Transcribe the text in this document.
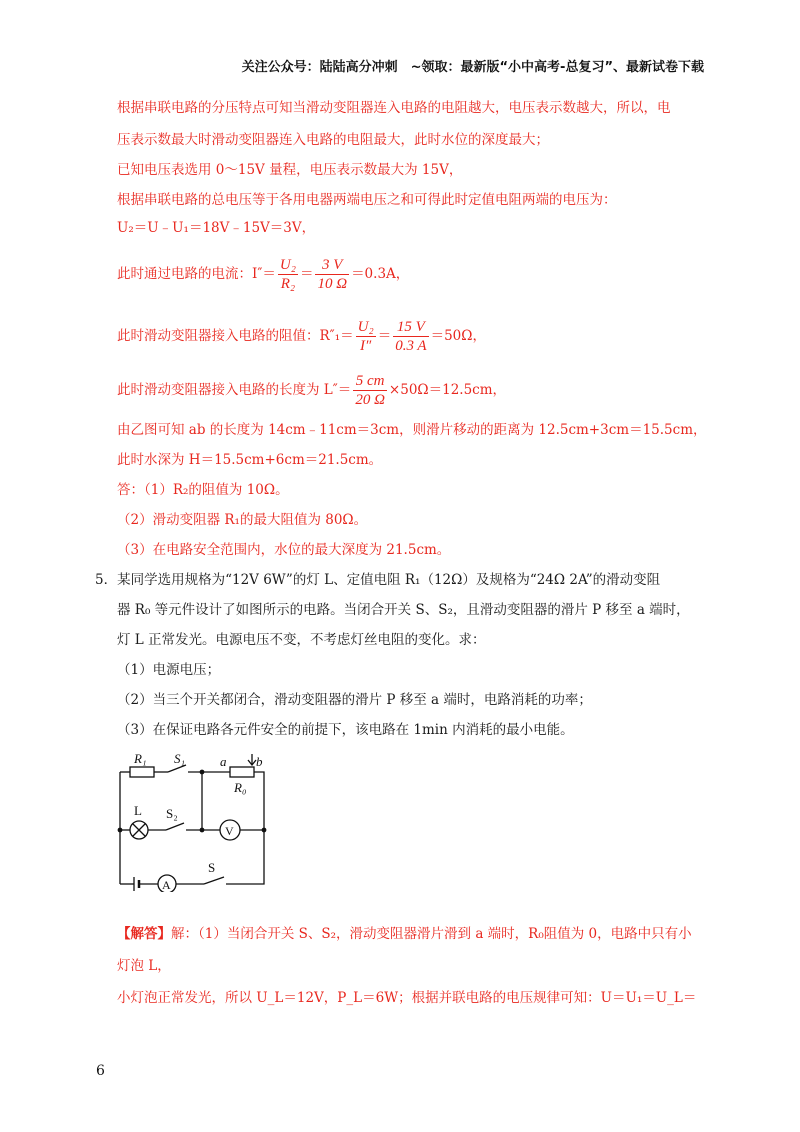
关注公众号：陆陆高分冲刺　~领取：最新版“小中高考-总复习”、最新试卷下载
根据串联电路的分压特点可知当滑动变阻器连入电路的电阻越大，电压表示数越大，所以，电
压表示数最大时滑动变阻器连入电路的电阻最大，此时水位的深度最大；
已知电压表选用 0～15V 量程，电压表示数最大为 15V，
根据串联电路的总电压等于各用电器两端电压之和可得此时定值电阻两端的电压为：
U₂＝U﹣U₁＝18V﹣15V＝3V，
此时通过电路的电流：$I''= \frac{\text{U₂}}{\text{R₂}} = \frac{3 V}{10 \Omega} =0.3A$，
此时滑动变阻器接入电路的阻值：$R''_1= \frac{\text{U₂}}{I''} = \frac{15 V}{0.3 A} =50\Omega$，
此时滑动变阻器接入电路的长度为 $L''= \frac{5 cm}{20 \Omega} \times 50\Omega=12.5cm$，
由乙图可知 ab 的长度为 14cm﹣11cm＝3cm，则滑片移动的距离为 12.5cm+3cm＝15.5cm，
此时水深为 H＝15.5cm+6cm＝21.5cm。
答：（1）R₂的阻值为 10Ω。
（2）滑动变阻器 R₁的最大阻值为 80Ω。
（3）在电路安全范围内，水位的最大深度为 21.5cm。
5．某同学选用规格为“12V 6W”的灯 L、定值电阻 R₁（12Ω）及规格为“24Ω 2A”的滑动变阻
器 R₀ 等元件设计了如图所示的电路。当闭合开关 S、S₂，且滑动变阻器的滑片 P 移至 a 端时，
灯 L 正常发光。电源电压不变，不考虑灯丝电阻的变化。求：
（1）电源电压；
（2）当三个开关都闭合，滑动变阻器的滑片 P 移至 a 端时，电路消耗的功率；
（3）在保证电路各元件安全的前提下，该电路在 1min 内消耗的最小电能。
R₁ S₁	a b
R₀
L S₂
V
A
S
【解答】解：（1）当闭合开关 S、S₂，滑动变阻器滑片滑到 a 端时，R₀阻值为 0，电路中只有小
灯泡 L，
小灯泡正常发光，所以 U_L＝12V，P_L＝6W；根据并联电路的电压规律可知：U＝U₁＝U_L＝
6
